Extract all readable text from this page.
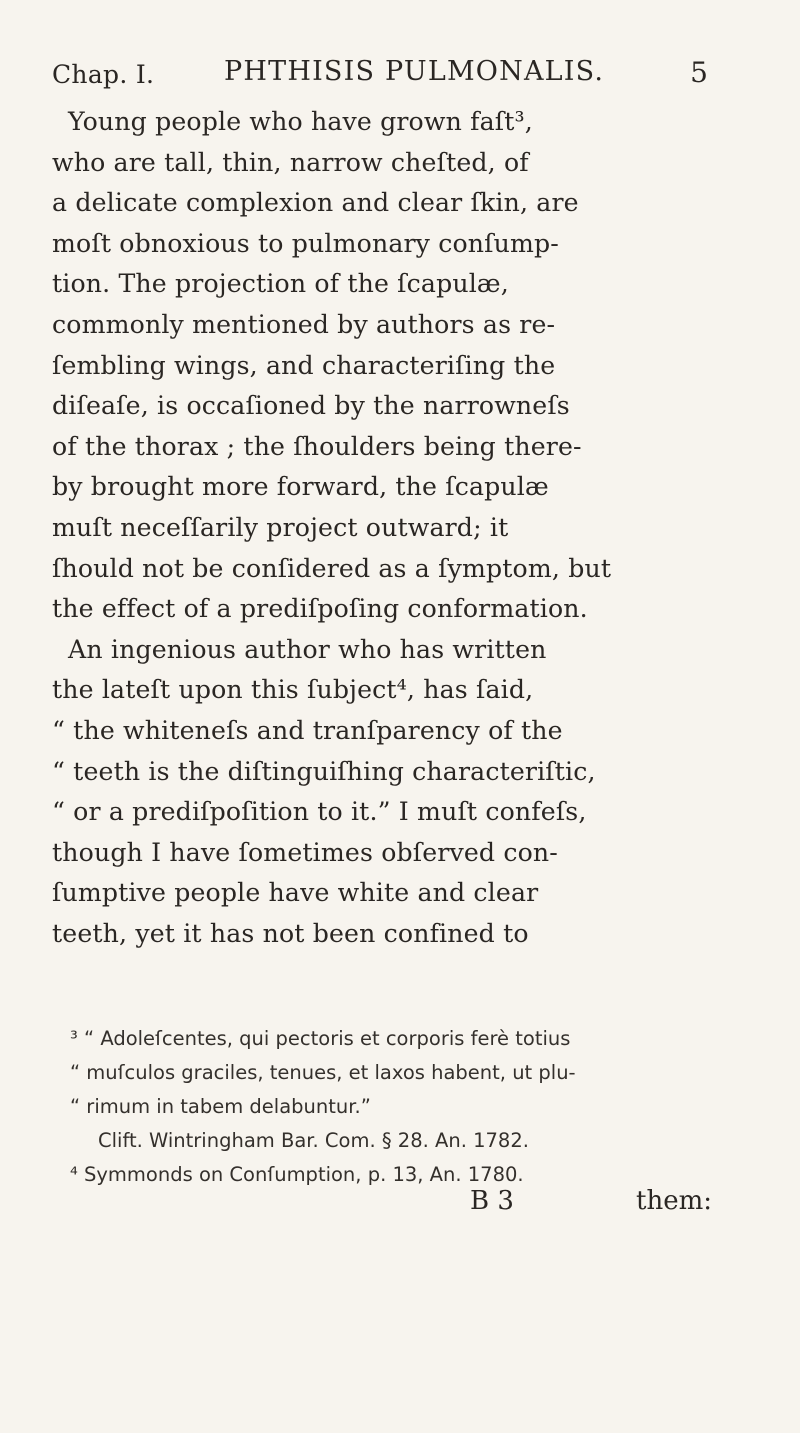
Chap. I.	PHTHISIS PULMONALIS.	5
Young people who have grown faſt³,
who are tall, thin, narrow cheſted, of
a delicate complexion and clear ſkin, are
moſt obnoxious to pulmonary conſump-
tion. The projection of the ſcapulæ,
commonly mentioned by authors as re-
ſembling wings, and characteriſing the
diſeaſe, is occaſioned by the narrowneſs
of the thorax ; the ſhoulders being there-
by brought more forward, the ſcapulæ
muſt neceſſarily project outward; it
ſhould not be conſidered as a ſymptom, but
the effect of a prediſpoſing conformation.
An ingenious author who has written
the lateſt upon this ſubject⁴, has ſaid,
“ the whiteneſs and tranſparency of the
“ teeth is the diſtinguiſhing characteriſtic,
“ or a prediſpoſition to it.” I muſt confeſs,
though I have ſometimes obſerved con-
ſumptive people have white and clear
teeth, yet it has not been confined to
³ “ Adoleſcentes, qui pectoris et corporis ferè totius
“ muſculos graciles, tenues, et laxos habent, ut plu-
“ rimum in tabem delabuntur.”
Clift. Wintringham Bar. Com. § 28. An. 1782.
⁴ Symmonds on Conſumption, p. 13, An. 1780.
B 3	them:
